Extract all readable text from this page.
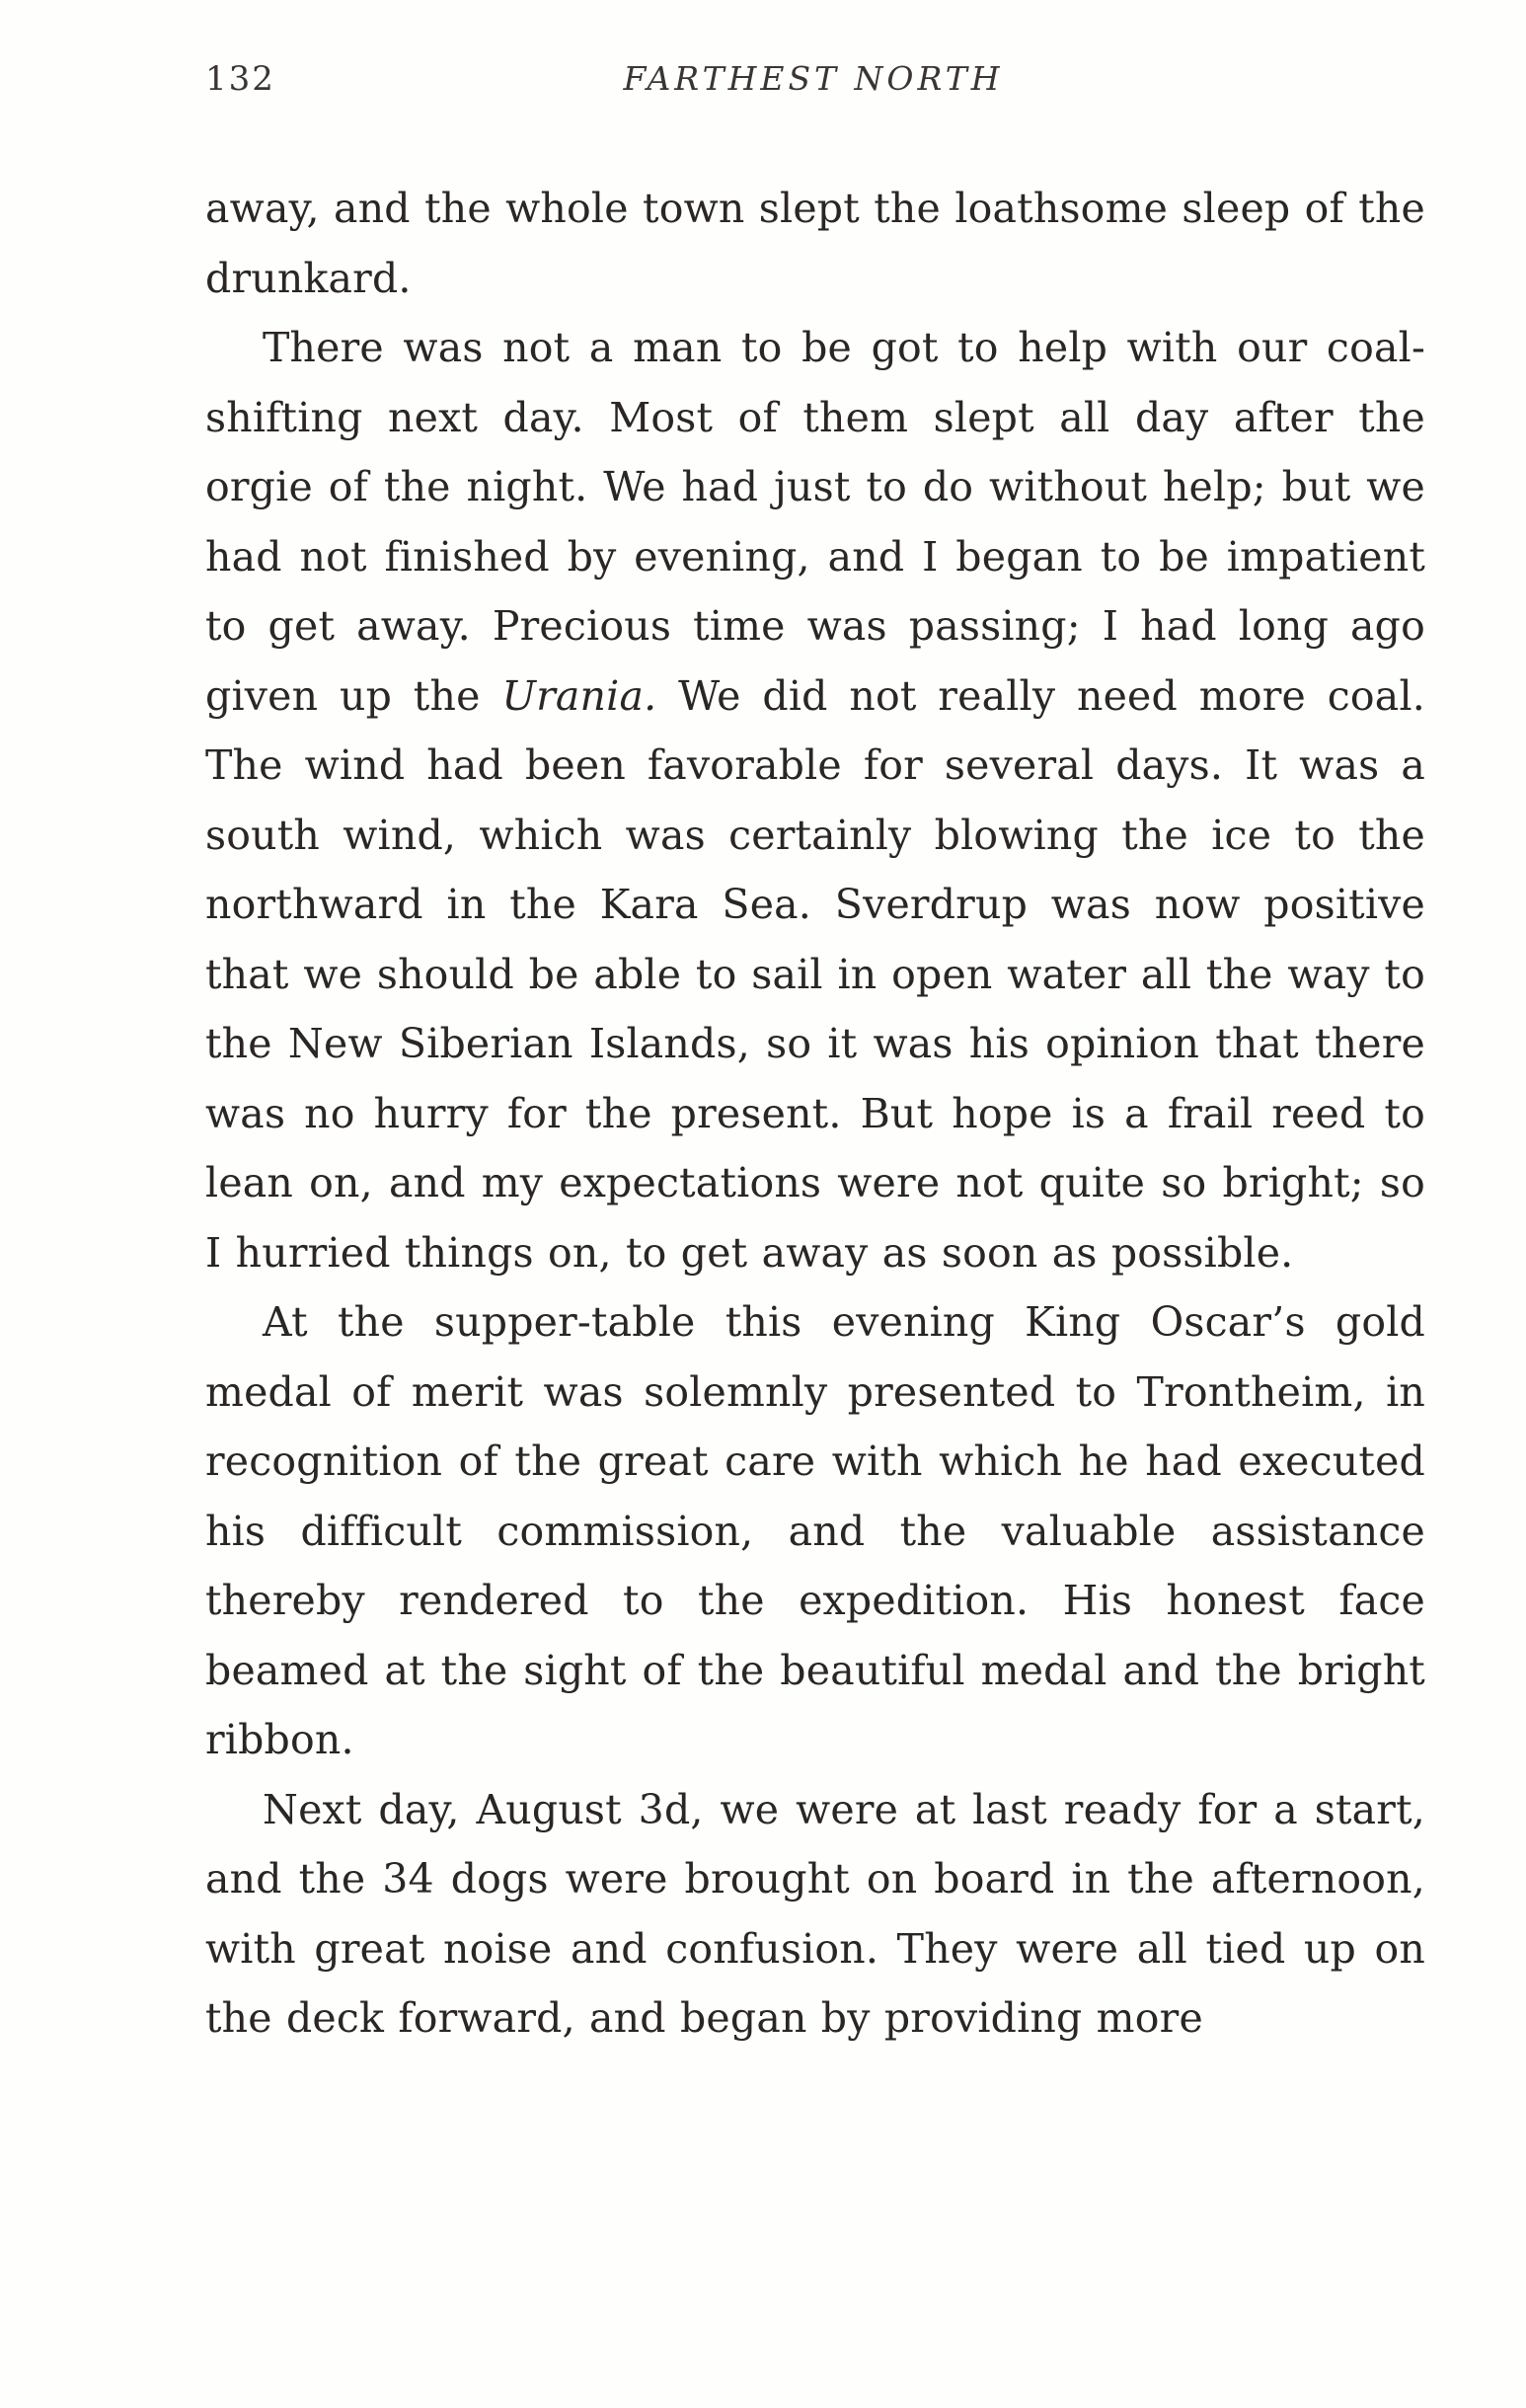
132	FARTHEST NORTH

away, and the whole town slept the loathsome sleep of the drunkard.

There was not a man to be got to help with our coal-shifting next day. Most of them slept all day after the orgie of the night. We had just to do without help; but we had not finished by evening, and I began to be impatient to get away. Precious time was passing; I had long ago given up the Urania. We did not really need more coal. The wind had been favorable for several days. It was a south wind, which was certainly blowing the ice to the northward in the Kara Sea. Sverdrup was now positive that we should be able to sail in open water all the way to the New Siberian Islands, so it was his opinion that there was no hurry for the present. But hope is a frail reed to lean on, and my expectations were not quite so bright; so I hurried things on, to get away as soon as possible.

At the supper-table this evening King Oscar’s gold medal of merit was solemnly presented to Trontheim, in recognition of the great care with which he had executed his difficult commission, and the valuable assistance thereby rendered to the expedition. His honest face beamed at the sight of the beautiful medal and the bright ribbon.

Next day, August 3d, we were at last ready for a start, and the 34 dogs were brought on board in the afternoon, with great noise and confusion. They were all tied up on the deck forward, and began by providing more
